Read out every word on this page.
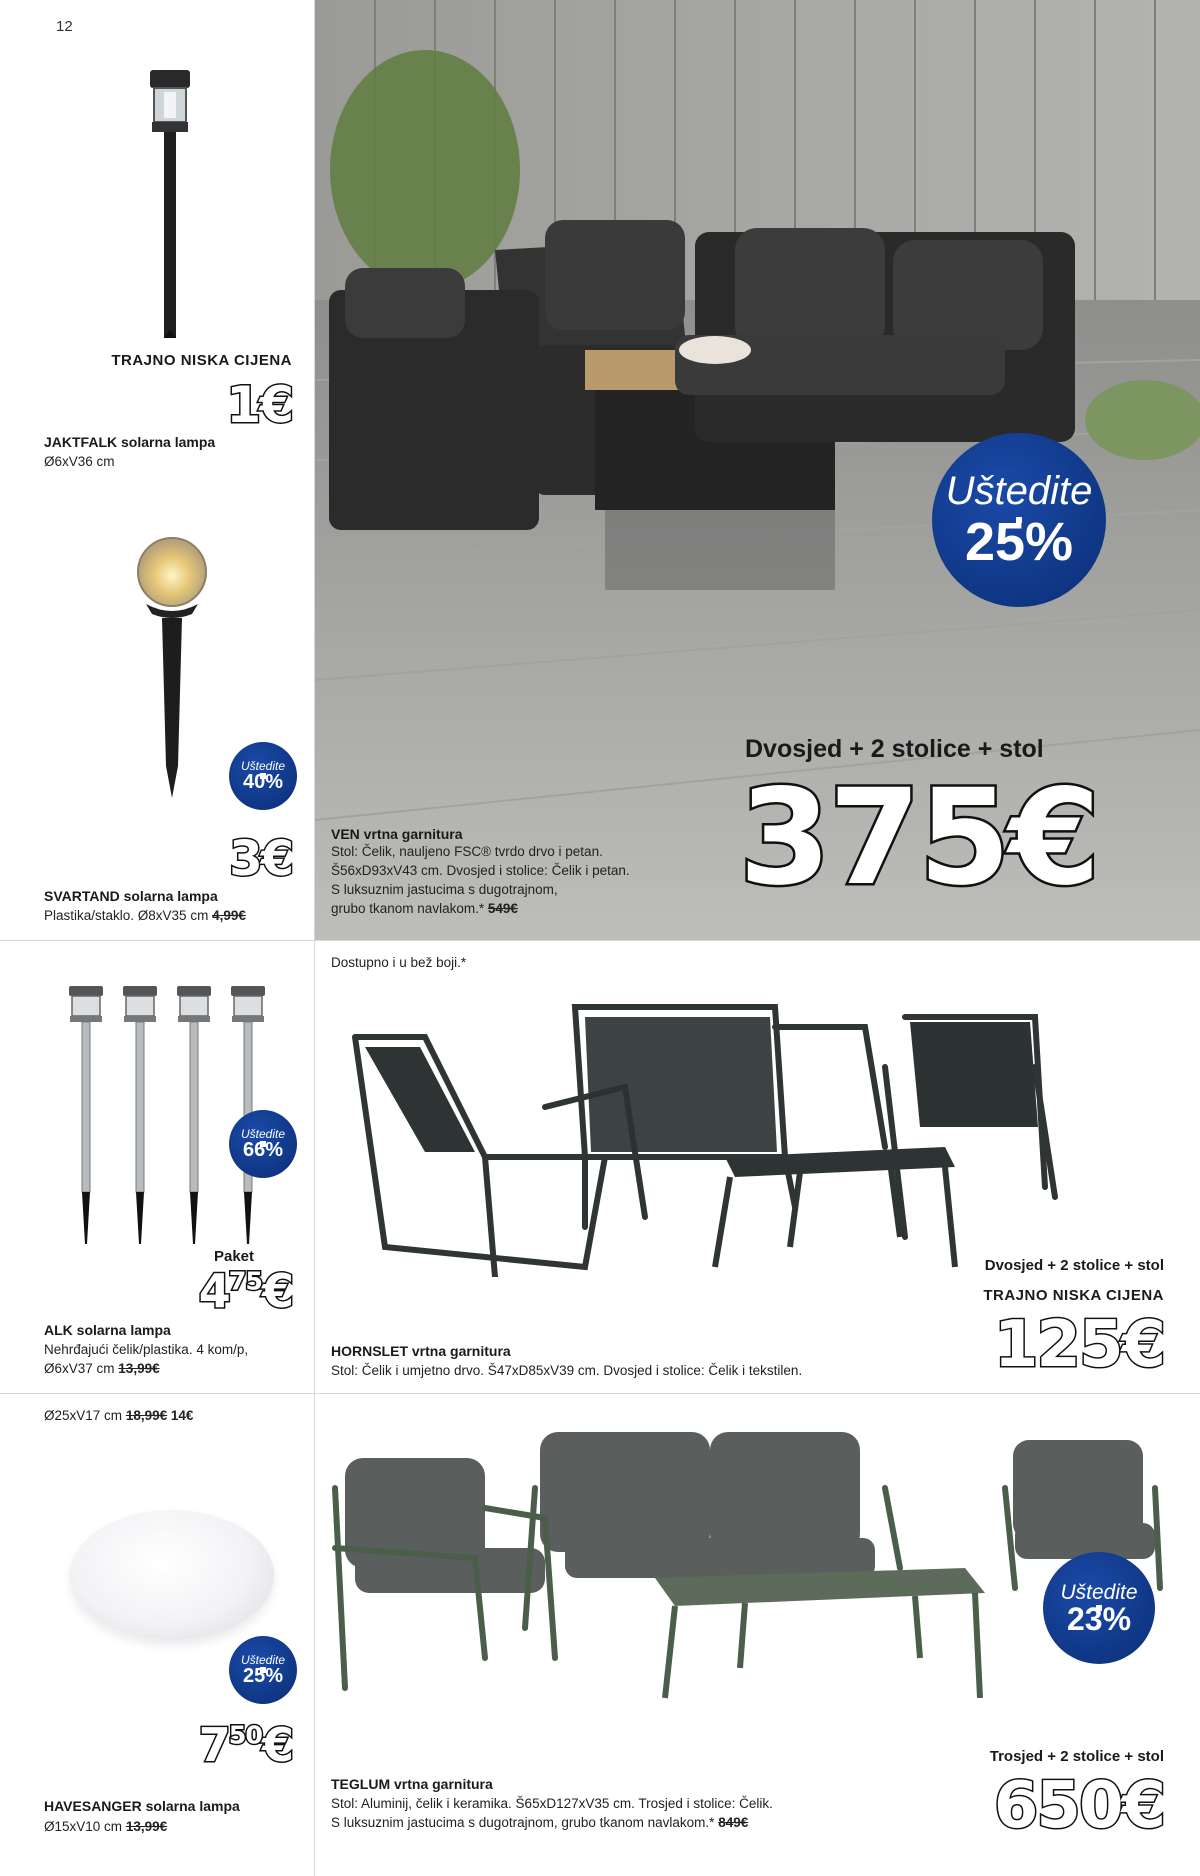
12
TRAJNO NISKA CIJENA
1€
JAKTFALK solarna lampa
Ø6xV36 cm
Uštedite
40%
3€
SVARTAND solarna lampa
Plastika/staklo. Ø8xV35 cm 4,99€
Uštedite
66%
Paket
$4^{75}€$
ALK solarna lampa
Nehrđajući čelik/plastika. 4 kom/p,
Ø6xV37 cm 13,99€
Ø25xV17 cm 18,99€ 14€
Uštedite
25%
$7^{50}€$
HAVESANGER solarna lampa
Ø15xV10 cm 13,99€
Uštedite
25%
Dvosjed + 2 stolice + stol
375€
VEN vrtna garnitura
Stol: Čelik, nauljeno FSC® tvrdo drvo i petan.
Š56xD93xV43 cm. Dvosjed i stolice: Čelik i petan.
S luksuznim jastucima s dugotrajnom,
grubo tkanom navlakom.* 549€
Dostupno i u bež boji.*
Dvosjed + 2 stolice + stol
TRAJNO NISKA CIJENA
125€
HORNSLET vrtna garnitura
Stol: Čelik i umjetno drvo. Š47xD85xV39 cm. Dvosjed i stolice: Čelik i tekstilen.
Uštedite
23%
Trosjed + 2 stolice + stol
650€
TEGLUM vrtna garnitura
Stol: Aluminij, čelik i keramika. Š65xD127xV35 cm. Trosjed i stolice: Čelik.
S luksuznim jastucima s dugotrajnom, grubo tkanom navlakom.* 849€
